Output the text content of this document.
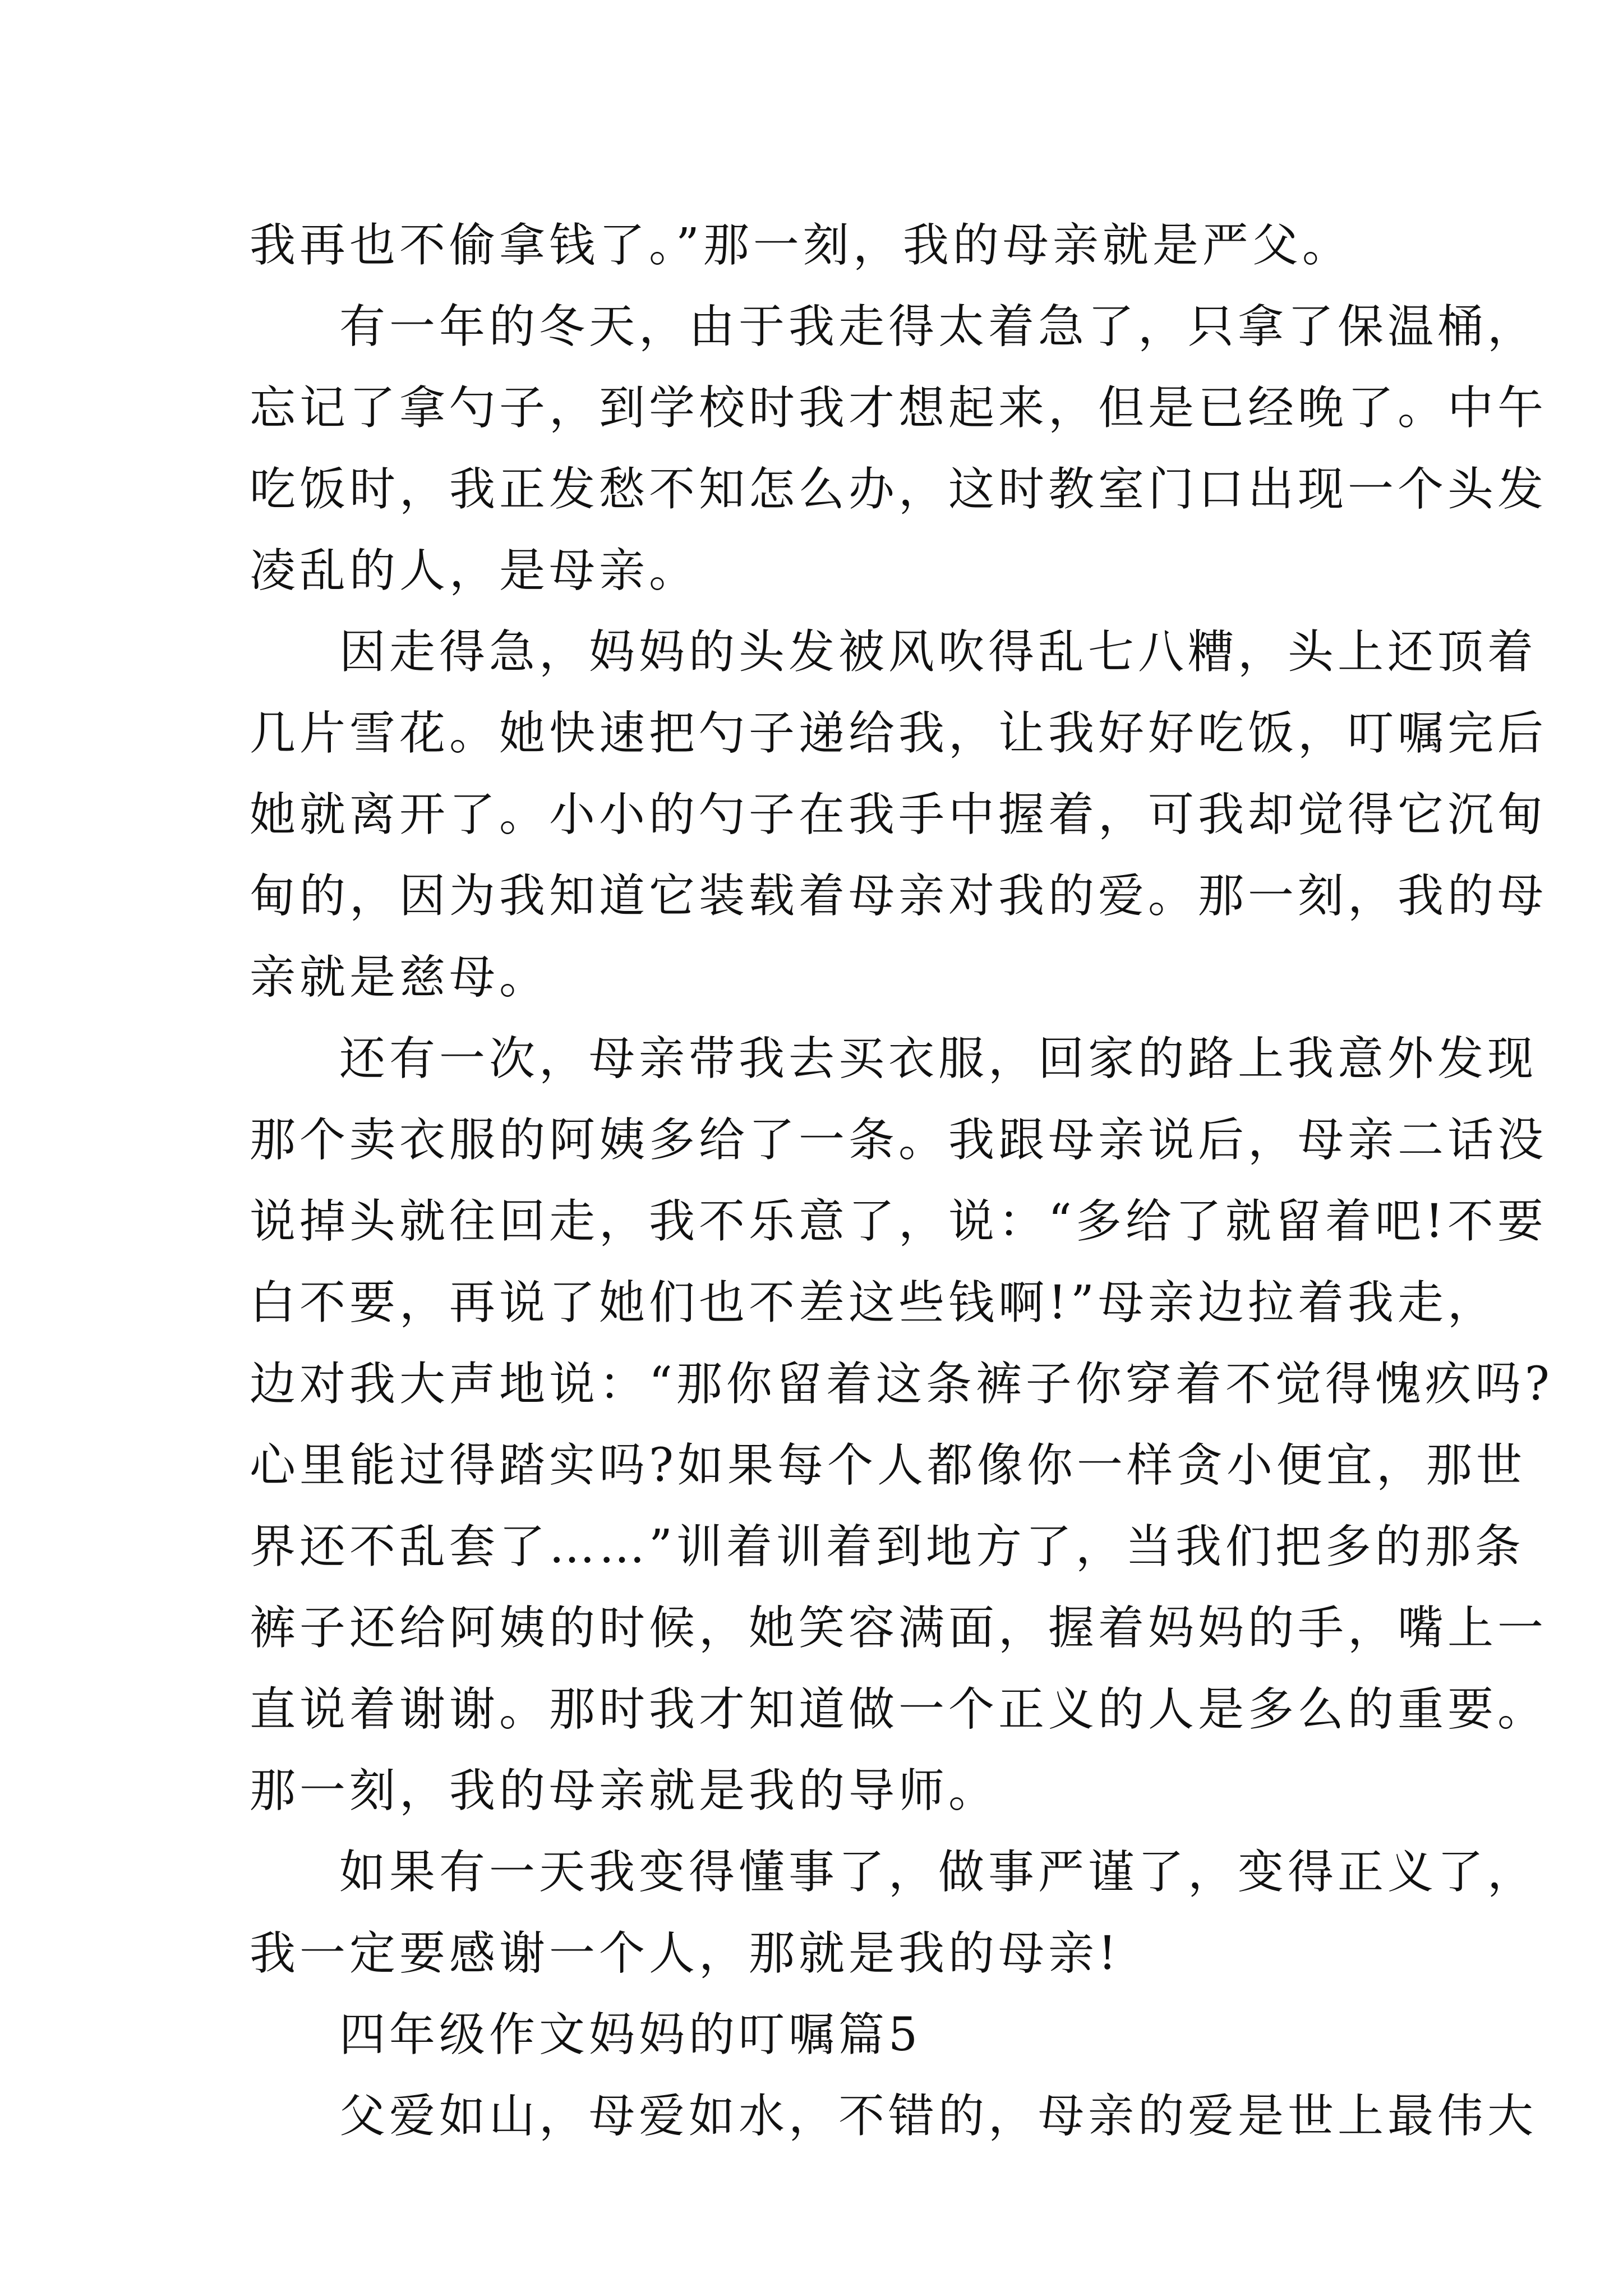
我再也不偷拿钱了。”那一刻，我的母亲就是严父。
有一年的冬天，由于我走得太着急了，只拿了保温桶，
忘记了拿勺子，到学校时我才想起来，但是已经晚了。中午
吃饭时，我正发愁不知怎么办，这时教室门口出现一个头发
凌乱的人，是母亲。
因走得急，妈妈的头发被风吹得乱七八糟，头上还顶着
几片雪花。她快速把勺子递给我，让我好好吃饭，叮嘱完后
她就离开了。小小的勺子在我手中握着，可我却觉得它沉甸
甸的，因为我知道它装载着母亲对我的爱。那一刻，我的母
亲就是慈母。
还有一次，母亲带我去买衣服，回家的路上我意外发现
那个卖衣服的阿姨多给了一条。我跟母亲说后，母亲二话没
说掉头就往回走，我不乐意了，说：“多给了就留着吧!不要
白不要，再说了她们也不差这些钱啊!”母亲边拉着我走，
边对我大声地说：“那你留着这条裤子你穿着不觉得愧疚吗?
心里能过得踏实吗?如果每个人都像你一样贪小便宜，那世
界还不乱套了……”训着训着到地方了，当我们把多的那条
裤子还给阿姨的时候，她笑容满面，握着妈妈的手，嘴上一
直说着谢谢。那时我才知道做一个正义的人是多么的重要。
那一刻，我的母亲就是我的导师。
如果有一天我变得懂事了，做事严谨了，变得正义了，
我一定要感谢一个人，那就是我的母亲!
四年级作文妈妈的叮嘱篇5
父爱如山，母爱如水，不错的，母亲的爱是世上最伟大
